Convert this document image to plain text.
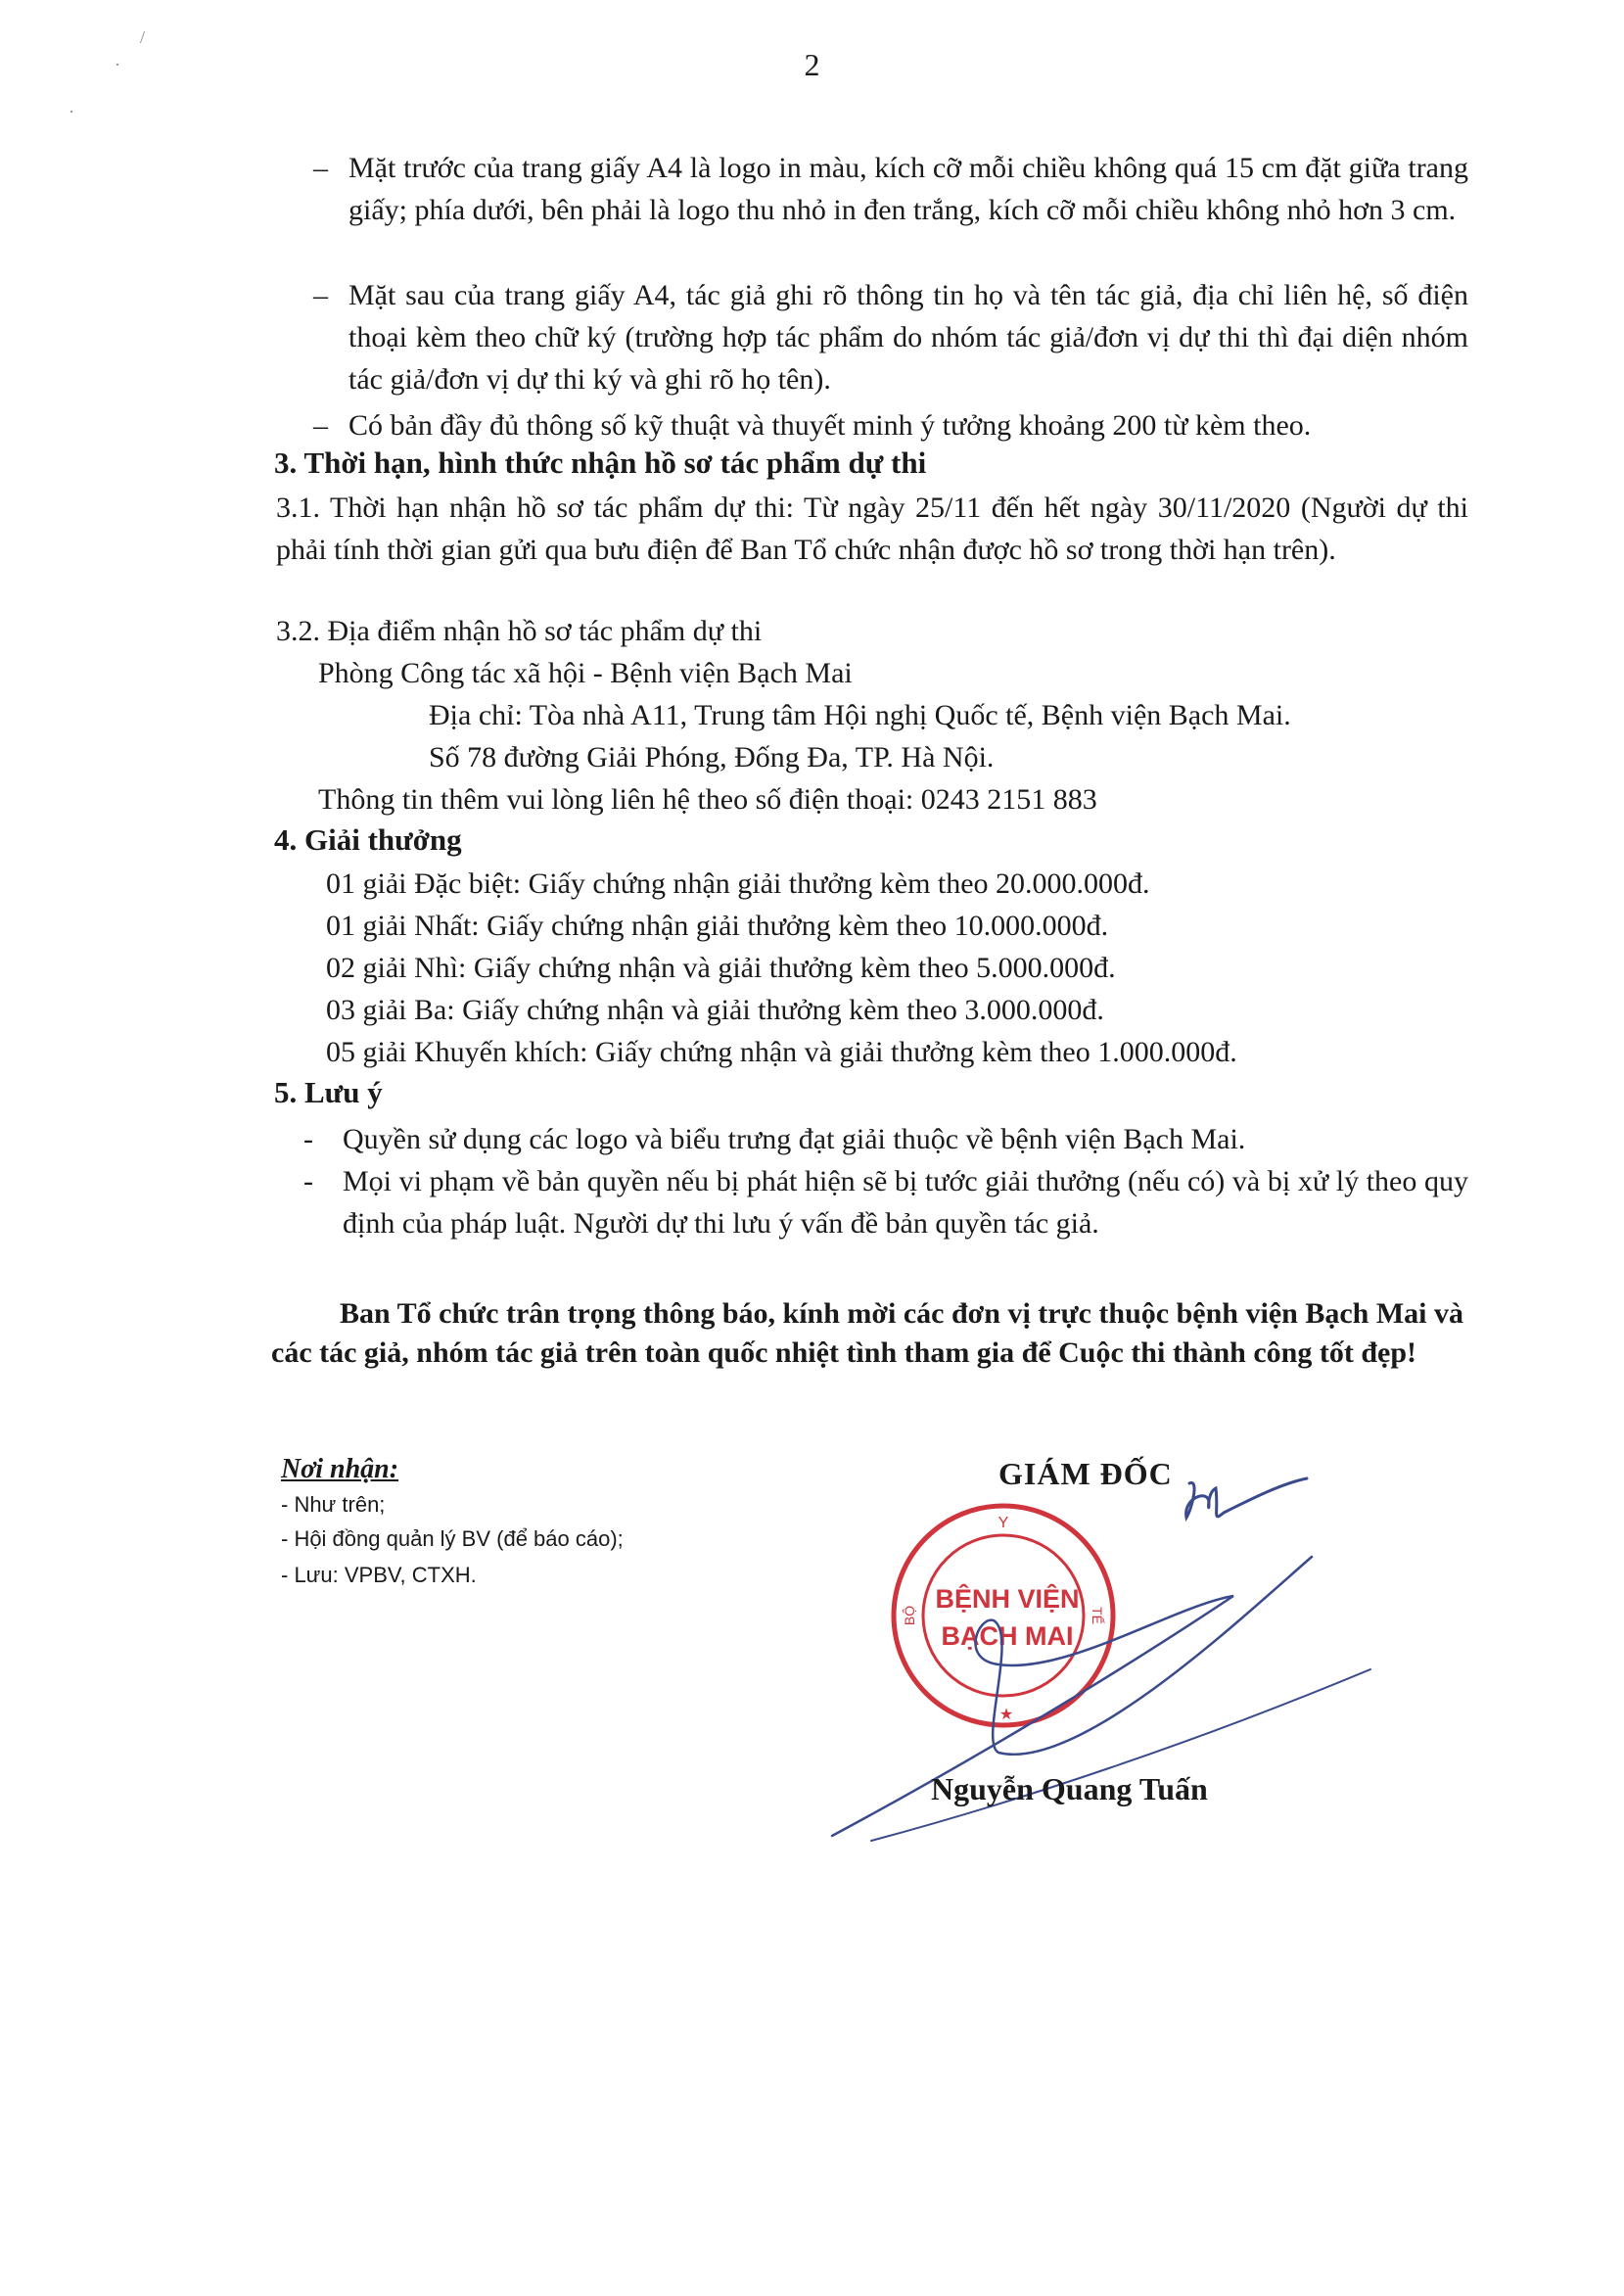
2
/
·
·
– Mặt trước của trang giấy A4 là logo in màu, kích cỡ mỗi chiều không quá 15 cm đặt giữa trang giấy; phía dưới, bên phải là logo thu nhỏ in đen trắng, kích cỡ mỗi chiều không nhỏ hơn 3 cm.
– Mặt sau của trang giấy A4, tác giả ghi rõ thông tin họ và tên tác giả, địa chỉ liên hệ, số điện thoại kèm theo chữ ký (trường hợp tác phẩm do nhóm tác giả/đơn vị dự thi thì đại diện nhóm tác giả/đơn vị dự thi ký và ghi rõ họ tên).
– Có bản đầy đủ thông số kỹ thuật và thuyết minh ý tưởng khoảng 200 từ kèm theo.
3. Thời hạn, hình thức nhận hồ sơ tác phẩm dự thi
3.1. Thời hạn nhận hồ sơ tác phẩm dự thi: Từ ngày 25/11 đến hết ngày 30/11/2020 (Người dự thi phải tính thời gian gửi qua bưu điện để Ban Tổ chức nhận được hồ sơ trong thời hạn trên).
3.2. Địa điểm nhận hồ sơ tác phẩm dự thi
Phòng Công tác xã hội - Bệnh viện Bạch Mai
Địa chỉ: Tòa nhà A11, Trung tâm Hội nghị Quốc tế, Bệnh viện Bạch Mai.
Số 78 đường Giải Phóng, Đống Đa, TP. Hà Nội.
Thông tin thêm vui lòng liên hệ theo số điện thoại: 0243 2151 883
4. Giải thưởng
01 giải Đặc biệt: Giấy chứng nhận giải thưởng kèm theo 20.000.000đ.
01 giải Nhất: Giấy chứng nhận giải thưởng kèm theo 10.000.000đ.
02 giải Nhì: Giấy chứng nhận và giải thưởng kèm theo 5.000.000đ.
03 giải Ba: Giấy chứng nhận và giải thưởng kèm theo 3.000.000đ.
05 giải Khuyến khích: Giấy chứng nhận và giải thưởng kèm theo 1.000.000đ.
5. Lưu ý
-	Quyền sử dụng các logo và biểu trưng đạt giải thuộc về bệnh viện Bạch Mai.
-	Mọi vi phạm về bản quyền nếu bị phát hiện sẽ bị tước giải thưởng (nếu có) và bị xử lý theo quy định của pháp luật. Người dự thi lưu ý vấn đề bản quyền tác giả.
Ban Tổ chức trân trọng thông báo, kính mời các đơn vị trực thuộc bệnh viện Bạch Mai và các tác giả, nhóm tác giả trên toàn quốc nhiệt tình tham gia để Cuộc thi thành công tốt đẹp!
Nơi nhận:
- Như trên;
- Hội đồng quản lý BV (để báo cáo);
- Lưu: VPBV, CTXH.
GIÁM ĐỐC
Y
BỘ	TẾ
BỆNH VIỆN
BẠCH MAI
★
Nguyễn Quang Tuấn
